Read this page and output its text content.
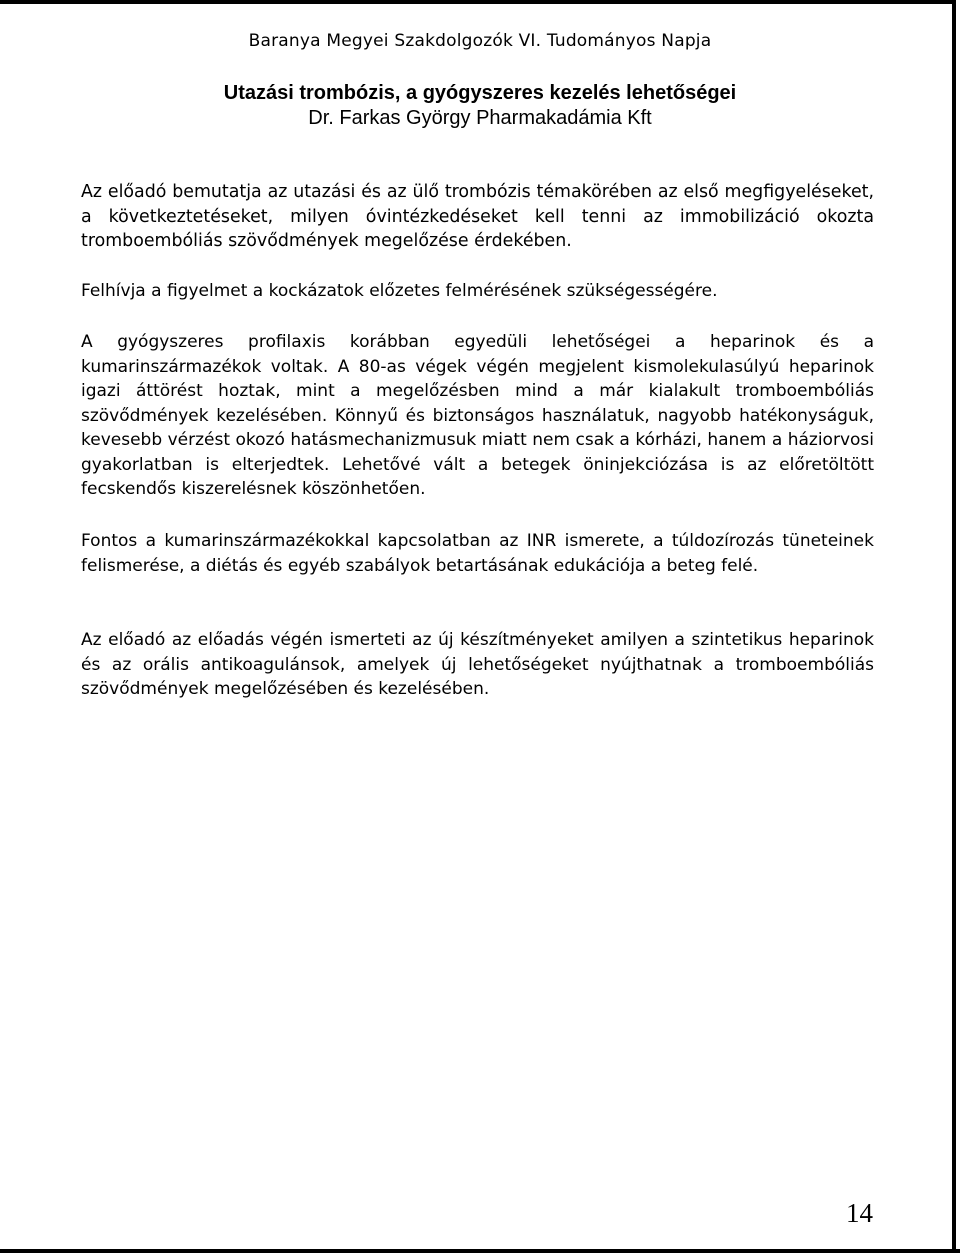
Baranya Megyei Szakdolgozók VI. Tudományos Napja
Utazási trombózis, a gyógyszeres kezelés lehetőségei
Dr. Farkas György Pharmakadámia Kft

Az előadó bemutatja az utazási és az ülő trombózis témakörében az első megfigyeléseket, a következtetéseket, milyen óvintézkedéseket kell tenni az immobilizáció okozta tromboembóliás szövődmények megelőzése érdekében.

Felhívja a figyelmet a kockázatok előzetes felmérésének szükségességére.

A gyógyszeres profilaxis korábban egyedüli lehetőségei a heparinok és a kumarinszármazékok voltak. A 80-as végek végén megjelent kismolekulasúlyú heparinok igazi áttörést hoztak, mint a megelőzésben mind a már kialakult tromboembóliás szövődmények kezelésében. Könnyű és biztonságos használatuk, nagyobb hatékonyságuk, kevesebb vérzést okozó hatásmechanizmusuk miatt nem csak a kórházi, hanem a háziorvosi gyakorlatban is elterjedtek. Lehetővé vált a betegek öninjekciózása is az előretöltött fecskendős kiszerelésnek köszönhetően.

Fontos a kumarinszármazékokkal kapcsolatban az INR ismerete, a túldozírozás tüneteinek felismerése, a diétás és egyéb szabályok betartásának edukációja a beteg felé.

Az előadó az előadás végén ismerteti az új készítményeket amilyen a szintetikus heparinok és az orális antikoagulánsok, amelyek új lehetőségeket nyújthatnak a tromboembóliás szövődmények megelőzésében és kezelésében.

14
